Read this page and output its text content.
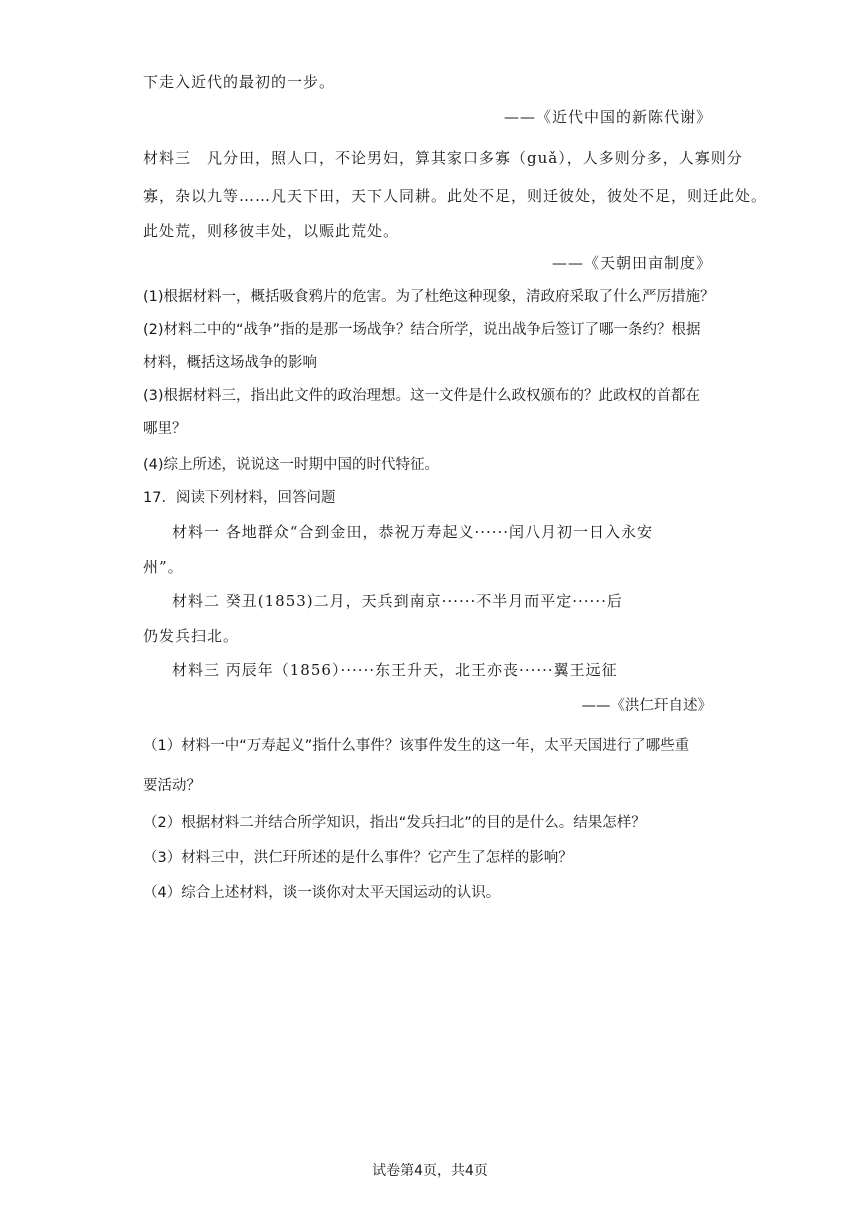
下走入近代的最初的一步。
——《近代中国的新陈代谢》
材料三　凡分田，照人口，不论男妇，算其家口多寡（guǎ），人多则分多，人寡则分
寡，杂以九等……凡天下田，天下人同耕。此处不足，则迁彼处，彼处不足，则迁此处。
此处荒，则移彼丰处，以赈此荒处。
——《天朝田亩制度》
(1)根据材料一，概括吸食鸦片的危害。为了杜绝这种现象，清政府采取了什么严厉措施？
(2)材料二中的“战争”指的是那一场战争？结合所学，说出战争后签订了哪一条约？根据
材料，概括这场战争的影响
(3)根据材料三，指出此文件的政治理想。这一文件是什么政权颁布的？此政权的首都在
哪里？
(4)综上所述，说说这一时期中国的时代特征。
17．阅读下列材料，回答问题
材料一 各地群众“合到金田，恭祝万寿起义······闰八月初一日入永安
州”。
材料二 癸丑(1853)二月，天兵到南京······不半月而平定······后
仍发兵扫北。
材料三 丙辰年（1856）······东王升天，北王亦丧······翼王远征
——《洪仁玕自述》
（1）材料一中“万寿起义”指什么事件？该事件发生的这一年，太平天国进行了哪些重
要活动？
（2）根据材料二并结合所学知识，指出“发兵扫北”的目的是什么。结果怎样？
（3）材料三中，洪仁玕所述的是什么事件？它产生了怎样的影响？
（4）综合上述材料，谈一谈你对太平天国运动的认识。
试卷第4页，共4页
